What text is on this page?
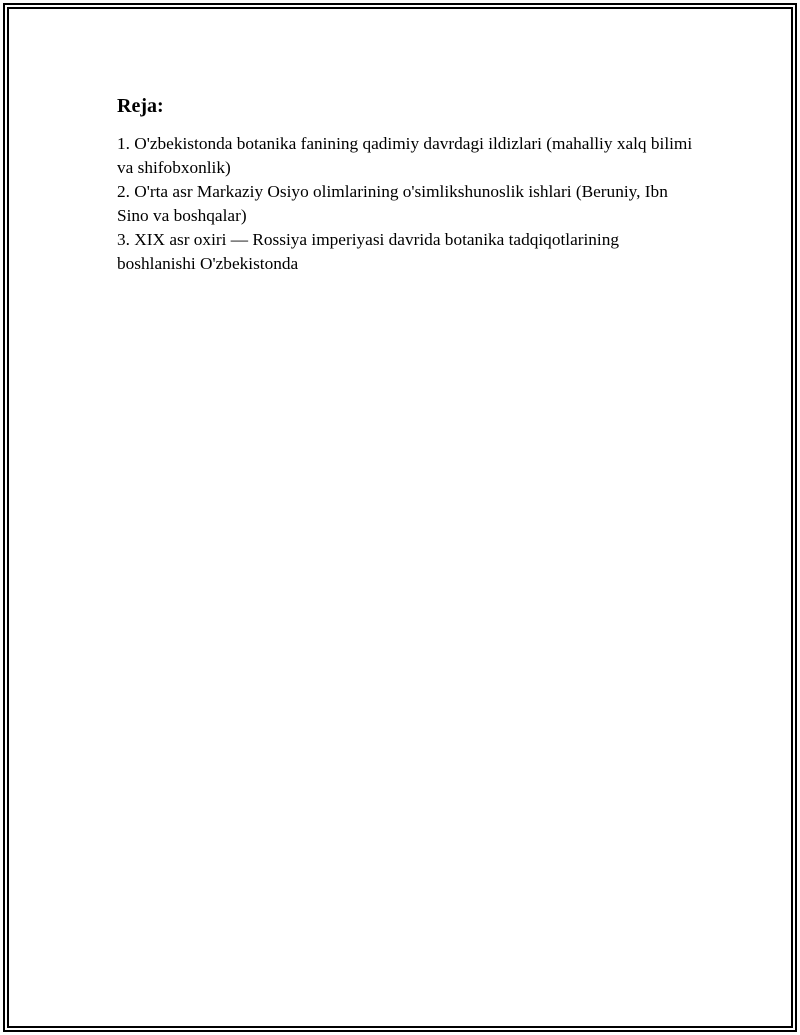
Reja:
1. O'zbekistonda botanika fanining qadimiy davrdagi ildizlari (mahalliy xalq bilimi va shifobxonlik)
2. O'rta asr Markaziy Osiyo olimlarining o'simlikshunoslik ishlari (Beruniy, Ibn Sino va boshqalar)
3. XIX asr oxiri — Rossiya imperiyasi davrida botanika tadqiqotlarining boshlanishi O'zbekistonda
